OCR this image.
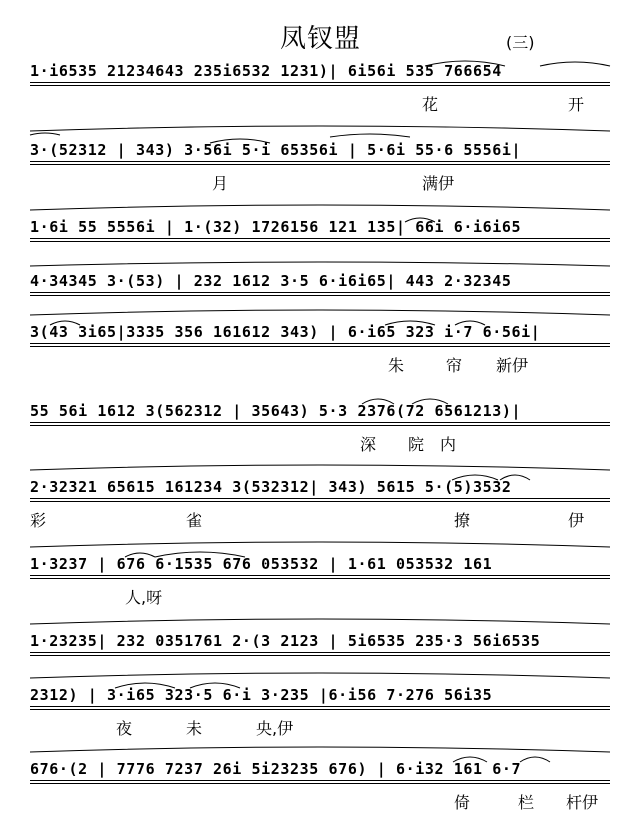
凤钗盟	(三)
1·i6535 21234643 235i6532 1231)| 6i56i 535 766654
花	开
3·(52312 | 343) 3·56i 5·i 65356i | 5·6i 55·6 5556i|
月	满伊
1·6i 55 5556i | 1·(32) 1726156 121 135| 66i 6·i6i65
4·34345 3·(53) | 232 1612 3·5 6·i6i65| 443 2·32345
3(43 3i65|3335 356 161612 343) | 6·i65 323 i·7 6·56i|
朱	帘 新伊
55 56i 1612 3(562312 | 35643) 5·3 2376(72 6561213)|
深 院 内
2·32321 65615 161234 3(532312| 343) 5615 5·(5)3532
彩	雀	撩	伊
1·3237 | 676 6·1535 676 053532 | 1·61 053532 161
人,呀
1·23235| 232 0351761 2·(3 2123 | 5i6535 235·3 56i6535
2312) | 3·i65 323·5 6·i 3·235 |6·i56 7·276 56i35
夜	未	央,伊
676·(2 | 7776 7237 26i 5i23235 676) | 6·i32 161 6·7
倚	栏 杆伊
